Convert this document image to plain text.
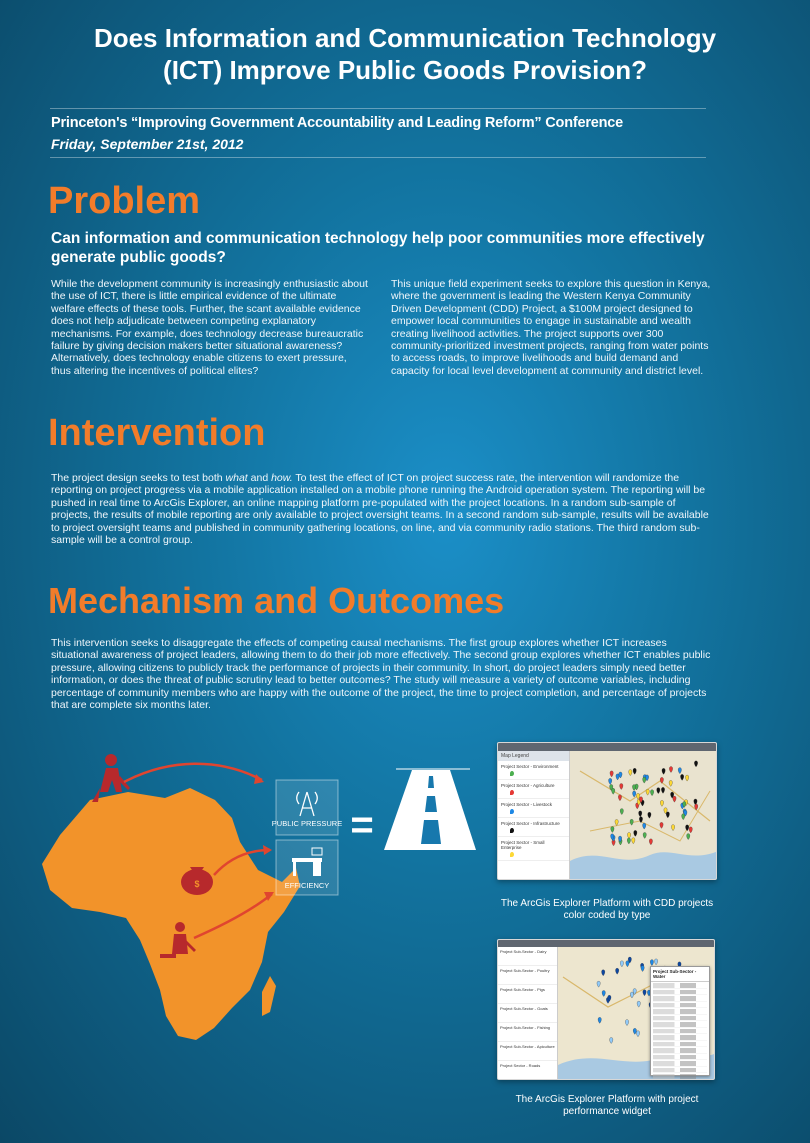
Does Information and Communication Technology
(ICT) Improve Public Goods Provision?
Princeton's “Improving Government Accountability and Leading Reform” Conference
Friday, September 21st, 2012
Problem
Can information and communication technology help poor communities more effectively generate public goods?
While the development community is increasingly enthusiastic about the use of ICT, there is little empirical evidence of the ultimate welfare effects of these tools. Further, the scant available evidence does not help adjudicate between competing explanatory mechanisms. For example, does technology decrease bureaucratic failure by giving decision makers better situational awareness? Alternatively, does technology enable citizens to exert pressure, thus altering the incentives of political elites?
This unique field experiment seeks to explore this question in Kenya, where the government is leading the Western Kenya Community Driven Development (CDD) Project, a $100M project designed to empower local communities to engage in sustainable and wealth creating livelihood activities. The project supports over 300 community-prioritized investment projects, ranging from water points to access roads, to improve livelihoods and build demand and capacity for local level development at community and district level.
Intervention
The project design seeks to test both what and how. To test the effect of ICT on project success rate, the intervention will randomize the reporting on project progress via a mobile application installed on a mobile phone running the Android operation system. The reporting will be pushed in real time to ArcGis Explorer, an online mapping platform pre-populated with the project locations. In a random sub-sample of projects, the results of mobile reporting are only available to project oversight teams. In a second random sub-sample, results will be available to project oversight teams and published in community gathering locations, on line, and via community radio stations. The third random sub-sample will be a control group.
Mechanism and Outcomes
This intervention seeks to disaggregate the effects of competing causal mechanisms. The first group explores whether ICT increases situational awareness of project leaders, allowing them to do their job more effectively. The second group explores whether ICT enables public pressure, allowing citizens to publicly track the performance of projects in their community. In short, do project leaders simply need better information, or does the threat of public scrutiny lead to better outcomes? The study will measure a variety of outcome variables, including percentage of community members who are happy with the outcome of the project, the time to project completion, and percentage of projects that are complete six months later.
$
PUBLIC PRESSURE
EFFICIENCY
=
Map Legend
Project Sector - Environment
Project Sector - Agriculture
Project Sector - Livestock
Project Sector - Infrastructure
Project Sector - Small Enterprise
The ArcGis Explorer Platform with CDD projects color coded by type
Project Sub-Sector - Dairy
Project Sub-Sector - Poultry
Project Sub-Sector - Pigs
Project Sub-Sector - Goats
Project Sub-Sector - Fishing
Project Sub-Sector - Apiculture
Project Sector - Roads
Project Sub-Sector - Water
The ArcGis Explorer Platform with project performance widget
